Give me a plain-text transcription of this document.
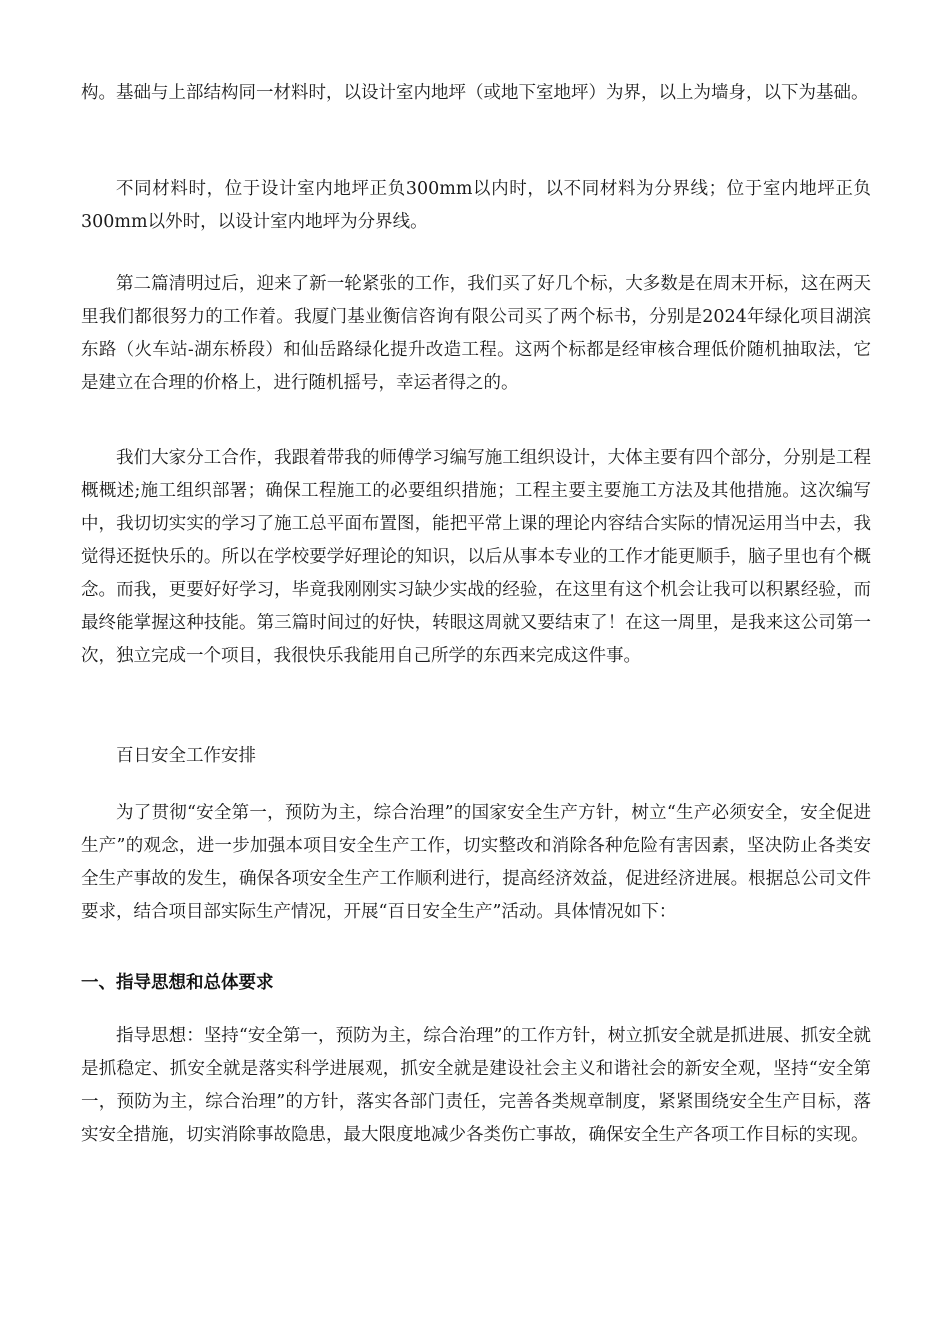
构。基础与上部结构同一材料时，以设计室内地坪（或地下室地坪）为界，以上为墙身，以下为基础。

不同材料时，位于设计室内地坪正负300mm以内时，以不同材料为分界线；位于室内地坪正负300mm以外时，以设计室内地坪为分界线。

第二篇清明过后，迎来了新一轮紧张的工作，我们买了好几个标，大多数是在周末开标，这在两天里我们都很努力的工作着。我厦门基业衡信咨询有限公司买了两个标书，分别是2024年绿化项目湖滨东路（火车站-湖东桥段）和仙岳路绿化提升改造工程。这两个标都是经审核合理低价随机抽取法，它是建立在合理的价格上，进行随机摇号，幸运者得之的。

我们大家分工合作，我跟着带我的师傅学习编写施工组织设计，大体主要有四个部分，分别是工程概概述;施工组织部署；确保工程施工的必要组织措施；工程主要主要施工方法及其他措施。这次编写中，我切切实实的学习了施工总平面布置图，能把平常上课的理论内容结合实际的情况运用当中去，我觉得还挺快乐的。所以在学校要学好理论的知识，以后从事本专业的工作才能更顺手，脑子里也有个概念。而我，更要好好学习，毕竟我刚刚实习缺少实战的经验，在这里有这个机会让我可以积累经验，而最终能掌握这种技能。第三篇时间过的好快，转眼这周就又要结束了！在这一周里，是我来这公司第一次，独立完成一个项目，我很快乐我能用自己所学的东西来完成这件事。

百日安全工作安排

为了贯彻“安全第一，预防为主，综合治理”的国家安全生产方针，树立“生产必须安全，安全促进生产”的观念，进一步加强本项目安全生产工作，切实整改和消除各种危险有害因素，坚决防止各类安全生产事故的发生，确保各项安全生产工作顺利进行，提高经济效益，促进经济进展。根据总公司文件要求，结合项目部实际生产情况，开展“百日安全生产”活动。具体情况如下：

一、指导思想和总体要求

指导思想：坚持“安全第一，预防为主，综合治理”的工作方针，树立抓安全就是抓进展、抓安全就是抓稳定、抓安全就是落实科学进展观，抓安全就是建设社会主义和谐社会的新安全观，坚持“安全第一，预防为主，综合治理”的方针，落实各部门责任，完善各类规章制度，紧紧围绕安全生产目标，落实安全措施，切实消除事故隐患，最大限度地减少各类伤亡事故，确保安全生产各项工作目标的实现。
